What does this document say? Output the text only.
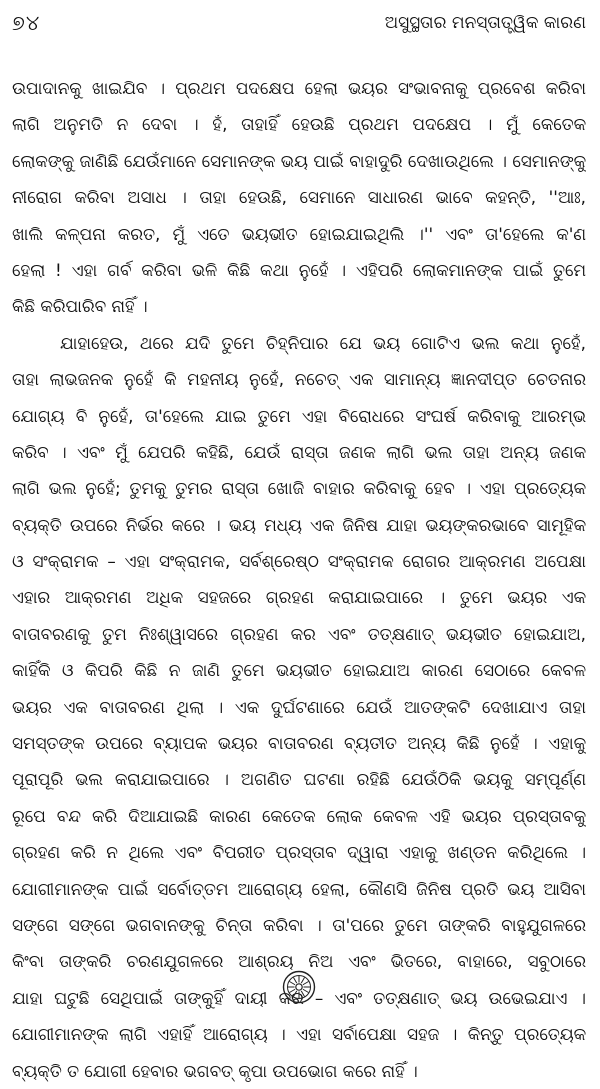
୭୪	ଅସୁସ୍ଥତାର ମନସ୍ତାତ୍ତ୍ୱିକ କାରଣ
ଉପାଦାନକୁ ଖାଇଯିବ । ପ୍ରଥମ ପଦକ୍ଷେପ ହେଲା ଭୟର ସଂଭାବନାକୁ ପ୍ରବେଶ କରିବା
ଲାଗି ଅନୁମତି ନ ଦେବା । ହଁ, ତାହାହିଁ ହେଉଛି ପ୍ରଥମ ପଦକ୍ଷେପ । ମୁଁ କେତେକ
ଲୋକଙ୍କୁ ଜାଣିଛି ଯେଉଁମାନେ ସେମାନଙ୍କ ଭୟ ପାଇଁ ବାହାଦୁରି ଦେଖାଉଥିଲେ । ସେମାନଙ୍କୁ
ନୀରୋଗ କରିବା ଅସାଧ । ତାହା ହେଉଛି, ସେମାନେ ସାଧାରଣ ଭାବେ କହନ୍ତି, ''ଆଃ,
ଖାଲି କଳ୍ପନା କରତ, ମୁଁ ଏତେ ଭୟଭୀତ ହୋଇଯାଇଥିଲି ।'' ଏବଂ ତା'ହେଲେ କ'ଣ
ହେଲା ! ଏହା ଗର୍ବ କରିବା ଭଳି କିଛି କଥା ନୁହେଁ । ଏହିପରି ଲୋକମାନଙ୍କ ପାଇଁ ତୁମେ
କିଛି କରିପାରିବ ନାହିଁ ।
ଯାହାହେଉ, ଥରେ ଯଦି ତୁମେ ଚିହ୍ନିପାର ଯେ ଭୟ ଗୋଟିଏ ଭଲ କଥା ନୁହେଁ,
ତାହା ଲାଭଜନକ ନୁହେଁ କି ମହନୀୟ ନୁହେଁ, ନଚେତ୍‌ ଏକ ସାମାନ୍ୟ ଜ୍ଞାନଦୀପ୍ତ ଚେତନାର
ଯୋଗ୍ୟ ବି ନୁହେଁ, ତା'ହେଲେ ଯାଇ ତୁମେ ଏହା ବିରୋଧରେ ସଂଘର୍ଷ କରିବାକୁ ଆରମ୍ଭ
କରିବ । ଏବଂ ମୁଁ ଯେପରି କହିଛି, ଯେଉଁ ରାସ୍ତା ଜଣକ ଲାଗି ଭଲ ତାହା ଅନ୍ୟ ଜଣକ
ଲାଗି ଭଲ ନୁହେଁ; ତୁମକୁ ତୁମର ରାସ୍ତା ଖୋଜି ବାହାର କରିବାକୁ ହେବ । ଏହା ପ୍ରତ୍ୟେକ
ବ୍ୟକ୍ତି ଉପରେ ନିର୍ଭର କରେ । ଭୟ ମଧ୍ୟ ଏକ ଜିନିଷ ଯାହା ଭୟଙ୍କରଭାବେ ସାମୂହିକ
ଓ ସଂକ୍ରାମକ – ଏହା ସଂକ୍ରାମକ, ସର୍ବଶ୍ରେଷ୍ଠ ସଂକ୍ରାମକ ରୋଗର ଆକ୍ରମଣ ଅପେକ୍ଷା
ଏହାର ଆକ୍ରମଣ ଅଧିକ ସହଜରେ ଗ୍ରହଣ କରାଯାଇପାରେ । ତୁମେ ଭୟର ଏକ
ବାତାବରଣକୁ ତୁମ ନିଃଶ୍ୱାସରେ ଗ୍ରହଣ କର ଏବଂ ତତ୍‌କ୍ଷଣାତ୍‌ ଭୟଭୀତ ହୋଇଯାଅ,
କାହିଁକି ଓ କିପରି କିଛି ନ ଜାଣି ତୁମେ ଭୟଭୀତ ହୋଇଯାଅ କାରଣ ସେଠାରେ କେବଳ
ଭୟର ଏକ ବାତାବରଣ ଥିଲା । ଏକ ଦୁର୍ଘଟଣାରେ ଯେଉଁ ଆତଙ୍କଟି ଦେଖାଯାଏ ତାହା
ସମସ୍ତଙ୍କ ଉପରେ ବ୍ୟାପକ ଭୟର ବାତାବରଣ ବ୍ୟତୀତ ଅନ୍ୟ କିଛି ନୁହେଁ । ଏହାକୁ
ପୂରାପୂରି ଭଲ କରାଯାଇପାରେ । ଅଗଣିତ ଘଟଣା ରହିଛି ଯେଉଁଠିକି ଭୟକୁ ସମ୍ପୂର୍ଣ୍ଣ
ରୂପେ ବନ୍ଦ କରି ଦିଆଯାଇଛି କାରଣ କେତେକ ଲୋକ କେବଳ ଏହି ଭୟର ପ୍ରସ୍ତାବକୁ
ଗ୍ରହଣ କରି ନ ଥିଲେ ଏବଂ ବିପରୀତ ପ୍ରସ୍ତାବ ଦ୍ୱାରା ଏହାକୁ ଖଣ୍ଡନ କରିଥିଲେ ।
ଯୋଗୀମାନଙ୍କ ପାଇଁ ସର୍ବୋତ୍ତମ ଆରୋଗ୍ୟ ହେଲା, କୌଣସି ଜିନିଷ ପ୍ରତି ଭୟ ଆସିବା
ସଙ୍ଗେ ସଙ୍ଗେ ଭଗବାନଙ୍କୁ ଚିନ୍ତା କରିବା । ତା'ପରେ ତୁମେ ତାଙ୍କରି ବାହୁଯୁଗଳରେ
କିଂବା ତାଙ୍କରି ଚରଣଯୁଗଳରେ ଆଶ୍ରୟ ନିଅ ଏବଂ ଭିତରେ, ବାହାରେ, ସବୁଠାରେ
ଯାହା ଘଟୁଛି ସେଥିପାଇଁ ତାଙ୍କୁହିଁ ଦାୟୀ କର – ଏବଂ ତତ୍‌କ୍ଷଣାତ୍‌ ଭୟ ଉଭେଇଯାଏ ।
ଯୋଗୀମାନଙ୍କ ଲାଗି ଏହାହିଁ ଆରୋଗ୍ୟ । ଏହା ସର୍ବାପେକ୍ଷା ସହଜ । କିନ୍ତୁ ପ୍ରତ୍ୟେକ
ବ୍ୟକ୍ତି ତ ଯୋଗୀ ହେବାର ଭଗବତ୍‌ କୃପା ଉପଭୋଗ କରେ ନାହିଁ ।
